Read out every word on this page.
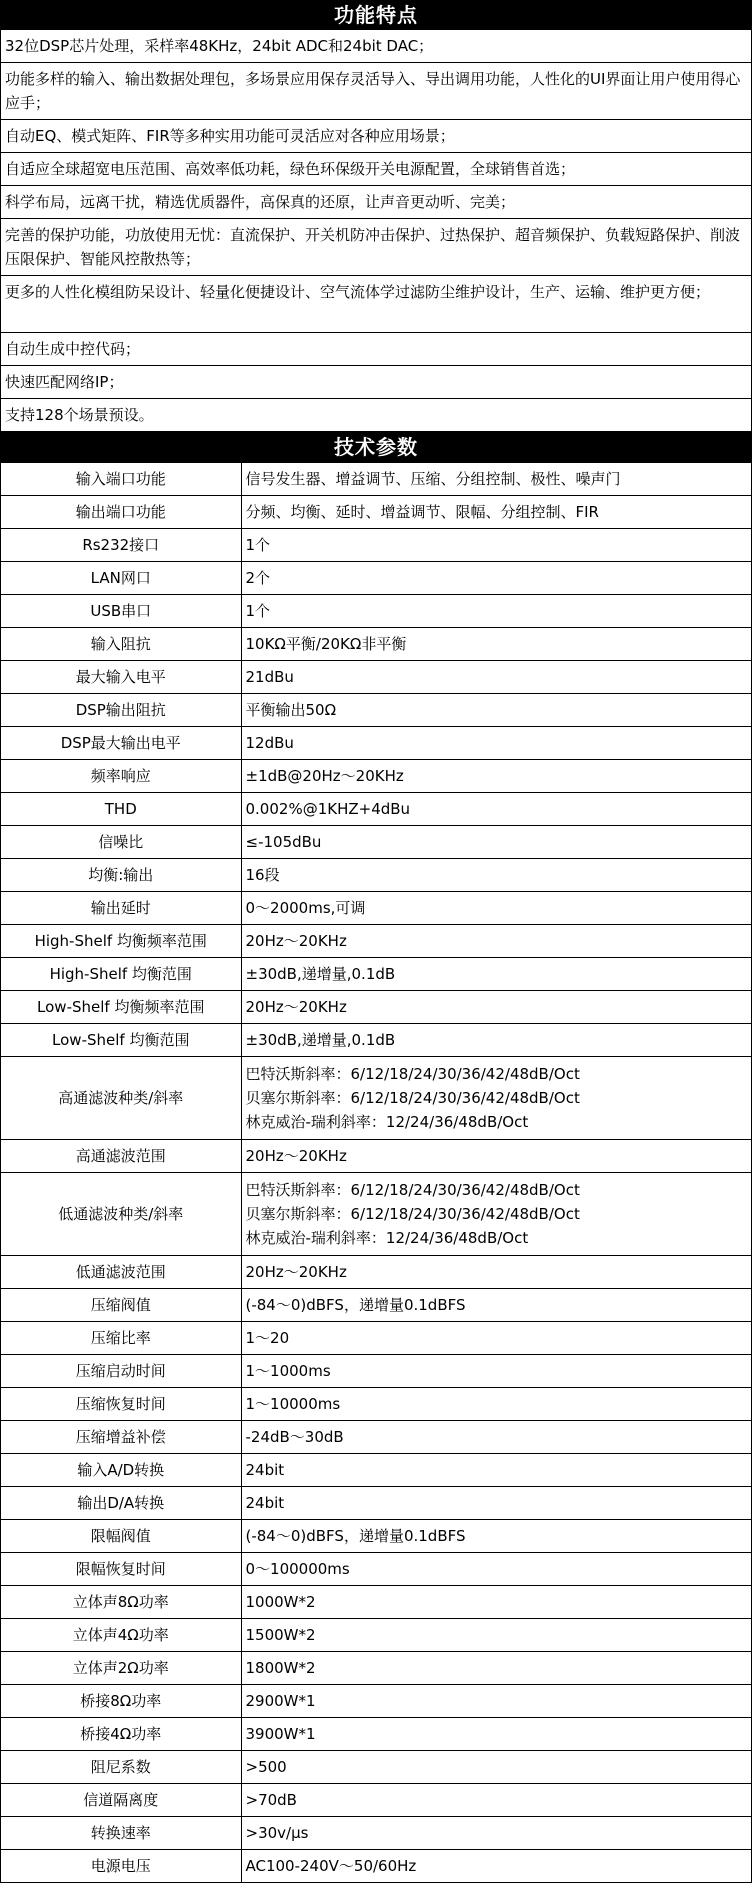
功能特点
32位DSP芯片处理，采样率48KHz，24bit ADC和24bit DAC；
功能多样的输入、输出数据处理包，多场景应用保存灵活导入、导出调用功能，人性化的UI界面让用户使用得心应手；
自动EQ、模式矩阵、FIR等多种实用功能可灵活应对各种应用场景；
自适应全球超宽电压范围、高效率低功耗，绿色环保级开关电源配置，全球销售首选；
科学布局，远离干扰，精选优质器件，高保真的还原，让声音更动听、完美；
完善的保护功能，功放使用无忧：直流保护、开关机防冲击保护、过热保护、超音频保护、负载短路保护、削波压限保护、智能风控散热等；
更多的人性化模组防呆设计、轻量化便捷设计、空气流体学过滤防尘维护设计，生产、运输、维护更方便；
自动生成中控代码；
快速匹配网络IP；
支持128个场景预设。
技术参数
输入端口功能	信号发生器、增益调节、压缩、分组控制、极性、噪声门

输出端口功能	分频、均衡、延时、增益调节、限幅、分组控制、FIR

Rs232接口	1个

LAN网口	2个

USB串口	1个

输入阻抗	10KΩ平衡/20KΩ非平衡

最大输入电平	21dBu

DSP输出阻抗	平衡输出50Ω

DSP最大输出电平	12dBu

频率响应	±1dB@20Hz～20KHz

THD	0.002%@1KHZ+4dBu

信噪比	≤-105dBu

均衡:输出	16段

输出延时	0～2000ms,可调

High-Shelf 均衡频率范围	20Hz～20KHz

High-Shelf 均衡范围	±30dB,递增量,0.1dB

Low-Shelf 均衡频率范围	20Hz～20KHz

Low-Shelf 均衡范围	±30dB,递增量,0.1dB

高通滤波种类/斜率	巴特沃斯斜率：6/12/18/24/30/36/42/48dB/Oct
贝塞尔斯斜率：6/12/18/24/30/36/42/48dB/Oct
林克威治-瑞利斜率：12/24/36/48dB/Oct

高通滤波范围	20Hz～20KHz

低通滤波种类/斜率	巴特沃斯斜率：6/12/18/24/30/36/42/48dB/Oct
贝塞尔斯斜率：6/12/18/24/30/36/42/48dB/Oct
林克威治-瑞利斜率：12/24/36/48dB/Oct

低通滤波范围	20Hz～20KHz

压缩阀值	(-84～0)dBFS，递增量0.1dBFS

压缩比率	1～20

压缩启动时间	1～1000ms

压缩恢复时间	1～10000ms

压缩增益补偿	-24dB～30dB

输入A/D转换	24bit

输出D/A转换	24bit

限幅阀值	(-84～0)dBFS，递增量0.1dBFS

限幅恢复时间	0～100000ms

立体声8Ω功率	1000W*2

立体声4Ω功率	1500W*2

立体声2Ω功率	1800W*2

桥接8Ω功率	2900W*1

桥接4Ω功率	3900W*1

阻尼系数	>500

信道隔离度	>70dB

转换速率	>30v/μs

电源电压	AC100-240V～50/60Hz
